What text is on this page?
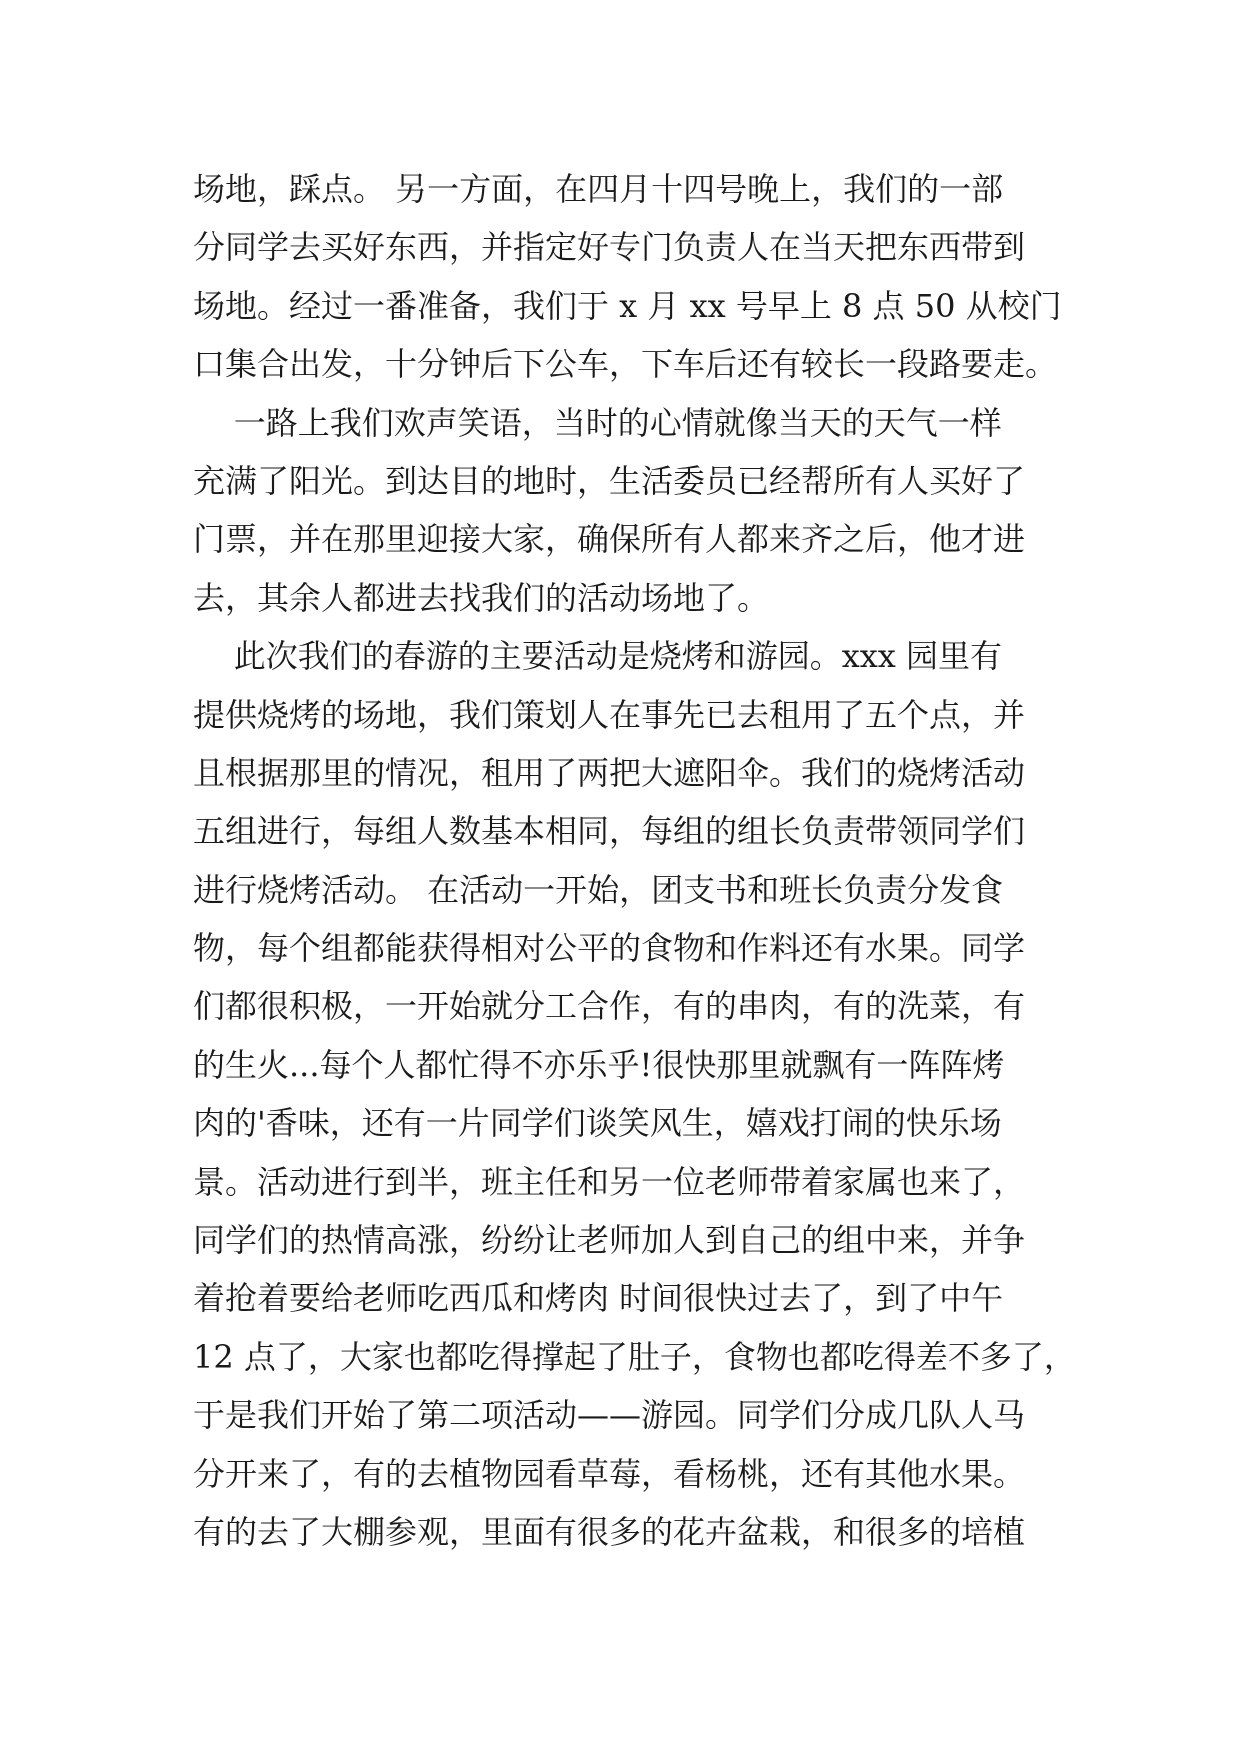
场地，踩点。 另一方面，在四月十四号晚上，我们的一部
分同学去买好东西，并指定好专门负责人在当天把东西带到
场地。经过一番准备，我们于 x 月 xx 号早上 8 点 50 从校门
口集合出发，十分钟后下公车，下车后还有较长一段路要走。
一路上我们欢声笑语，当时的心情就像当天的天气一样
充满了阳光。到达目的地时，生活委员已经帮所有人买好了
门票，并在那里迎接大家，确保所有人都来齐之后，他才进
去，其余人都进去找我们的活动场地了。
此次我们的春游的主要活动是烧烤和游园。xxx 园里有
提供烧烤的场地，我们策划人在事先已去租用了五个点，并
且根据那里的情况，租用了两把大遮阳伞。我们的烧烤活动
五组进行，每组人数基本相同，每组的组长负责带领同学们
进行烧烤活动。 在活动一开始，团支书和班长负责分发食
物，每个组都能获得相对公平的食物和作料还有水果。同学
们都很积极，一开始就分工合作，有的串肉，有的洗菜，有
的生火...每个人都忙得不亦乐乎!很快那里就飘有一阵阵烤
肉的'香味，还有一片同学们谈笑风生，嬉戏打闹的快乐场
景。活动进行到半，班主任和另一位老师带着家属也来了，
同学们的热情高涨，纷纷让老师加人到自己的组中来，并争
着抢着要给老师吃西瓜和烤肉 时间很快过去了，到了中午
12 点了，大家也都吃得撑起了肚子，食物也都吃得差不多了，
于是我们开始了第二项活动——游园。同学们分成几队人马
分开来了，有的去植物园看草莓，看杨桃，还有其他水果。
有的去了大棚参观，里面有很多的花卉盆栽，和很多的培植
